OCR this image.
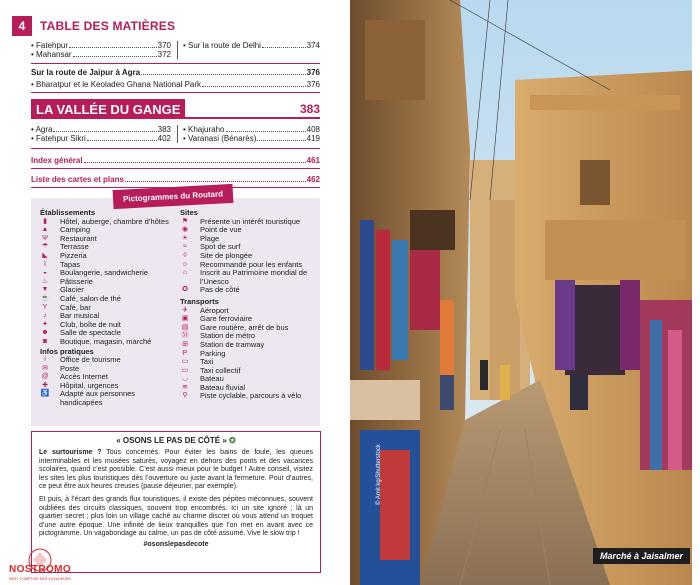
4	TABLE DES MATIÈRES
• Fatehpur	370
• Mahansar	372
• Sur la route de Delhi	374
Sur la route de Jaipur à Agra	376
• Bharatpur et le Keoladeo Ghana National Park	376
LA VALLÉE DU GANGE	383
• Agra	383
• Fatehpur Sikri	402
• Khajuraho	408
• Varanasi (Bénarès)	419
Index général	461
Liste des cartes et plans	462
Pictogrammes du Routard
Établissements
▮	Hôtel, auberge, chambre d’hôtes
▲ Camping
Ψ Restaurant
☂ Terrasse
◣	Pizzeria
⌇	Tapas
◒	Boulangerie, sandwicherie
♨ Pâtisserie
▼ Glacier
☕ Café, salon de thé
Y	Café, bar
♪	Bar musical
✦ Club, boîte de nuit
☻ Salle de spectacle
◙	Boutique, magasin, marché
Infos pratiques
i	Office de tourisme
✉ Poste
@ Accès Internet
✚ Hôpital, urgences
♿ Adapté aux personnes handicapées
Sites
⚑ Présente un intérêt touristique
◉ Point de vue
☀ Plage
≈	Spot de surf
◊	Site de plongée
☺ Recommandé pour les enfants
⌂	Inscrit au Patrimoine mondial de l’Unesco
✪ Pas de côté
Transports
✈ Aéroport
▣ Gare ferroviaire
▤ Gare routière, arrêt de bus
Ⓜ Station de métro
⊞ Station de tramway
P	Parking
▭ Taxi
▭ Taxi collectif
◡ Bateau
≋ Bateau fluvial
⚲	Piste cyclable, parcours à vélo
« OSONS LE PAS DE CÔTÉ » ✪

Le surtourisme ? Tous concernés. Pour éviter les bains de foule, les queues interminables et les musées saturés, voyagez en dehors des ponts et des vacances scolaires, quand c’est possible. C’est aussi mieux pour le budget ! Autre conseil, visitez les sites les plus touristiques dès l’ouverture ou juste avant la fermeture. Pour d’autres, ce peut être aux heures creuses (pause déjeuner, par exemple).

Et puis, à l’écart des grands flux touristiques, il existe des pépites méconnues, souvent oubliées des circuits classiques, souvent trop encombrés. Ici un site ignoré ; là un quartier secret ; plus loin un village caché au charme discret où vous attend un troquet d’une autre époque. Une infinité de lieux tranquilles que l’on met en avant avec ce pictogramme. Un vagabondage au calme, un pas de côté assumé. Vive le slow trip !

#osonslepasdecote
NOSTROMO
BEST COMPTOIR DES VOYAGEURS
© Amit kg/Shutterstock
Marché à Jaisalmer
